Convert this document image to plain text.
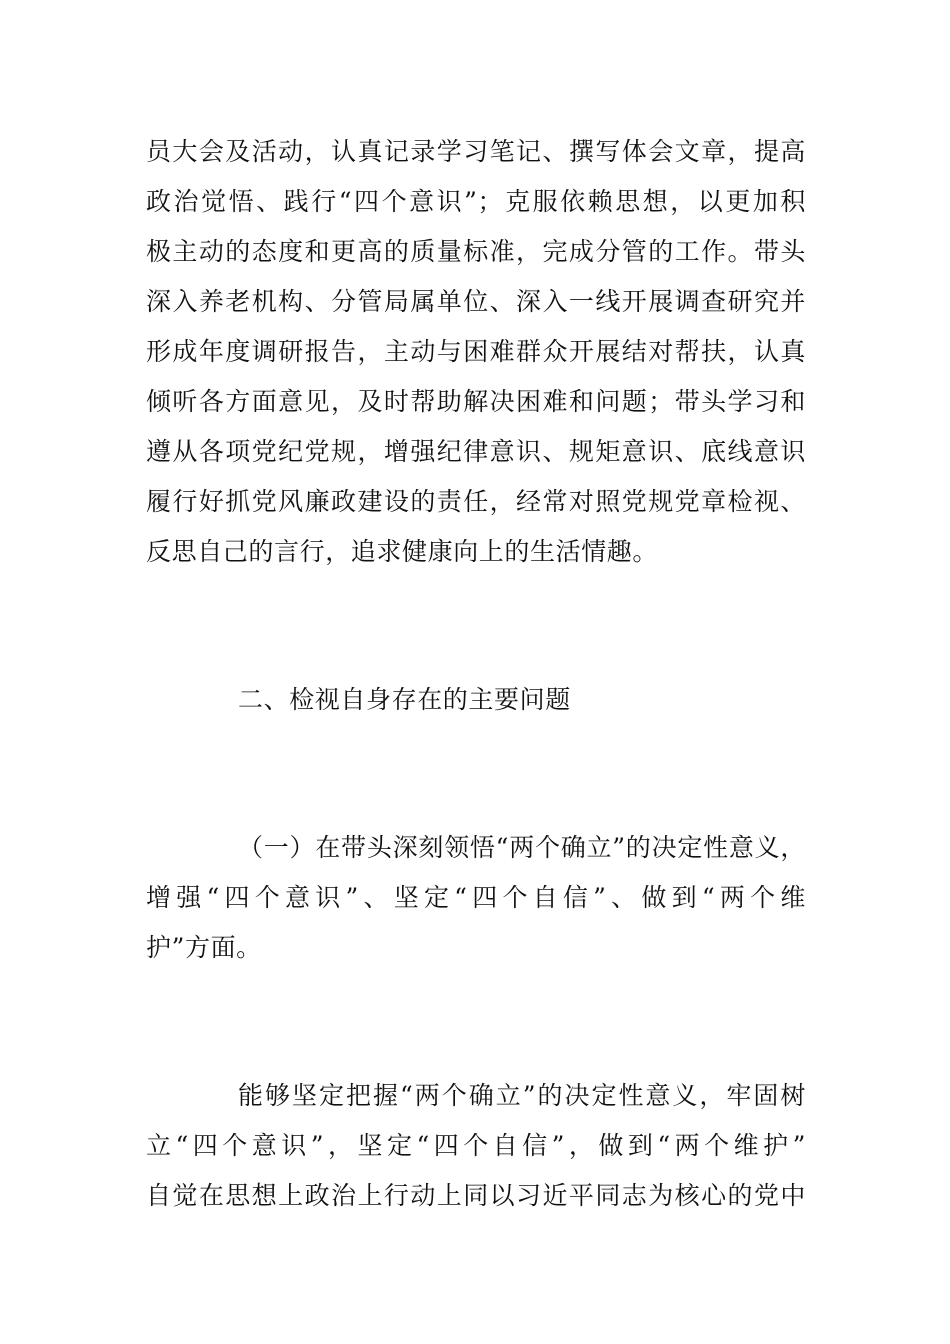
员大会及活动，认真记录学习笔记、撰写体会文章，提高
政治觉悟、践行“四个意识”；克服依赖思想，以更加积
极主动的态度和更高的质量标准，完成分管的工作。带头
深入养老机构、分管局属单位、深入一线开展调查研究并
形成年度调研报告，主动与困难群众开展结对帮扶，认真
倾听各方面意见，及时帮助解决困难和问题；带头学习和
遵从各项党纪党规，增强纪律意识、规矩意识、底线意识
履行好抓党风廉政建设的责任，经常对照党规党章检视、
反思自己的言行，追求健康向上的生活情趣。
二、检视自身存在的主要问题
（一）在带头深刻领悟“两个确立”的决定性意义，
增强“四个意识”、坚定“四个自信”、做到“两个维
护”方面。
能够坚定把握“两个确立”的决定性意义，牢固树
立“四个意识”，坚定“四个自信”，做到“两个维护”
自觉在思想上政治上行动上同以习近平同志为核心的党中
